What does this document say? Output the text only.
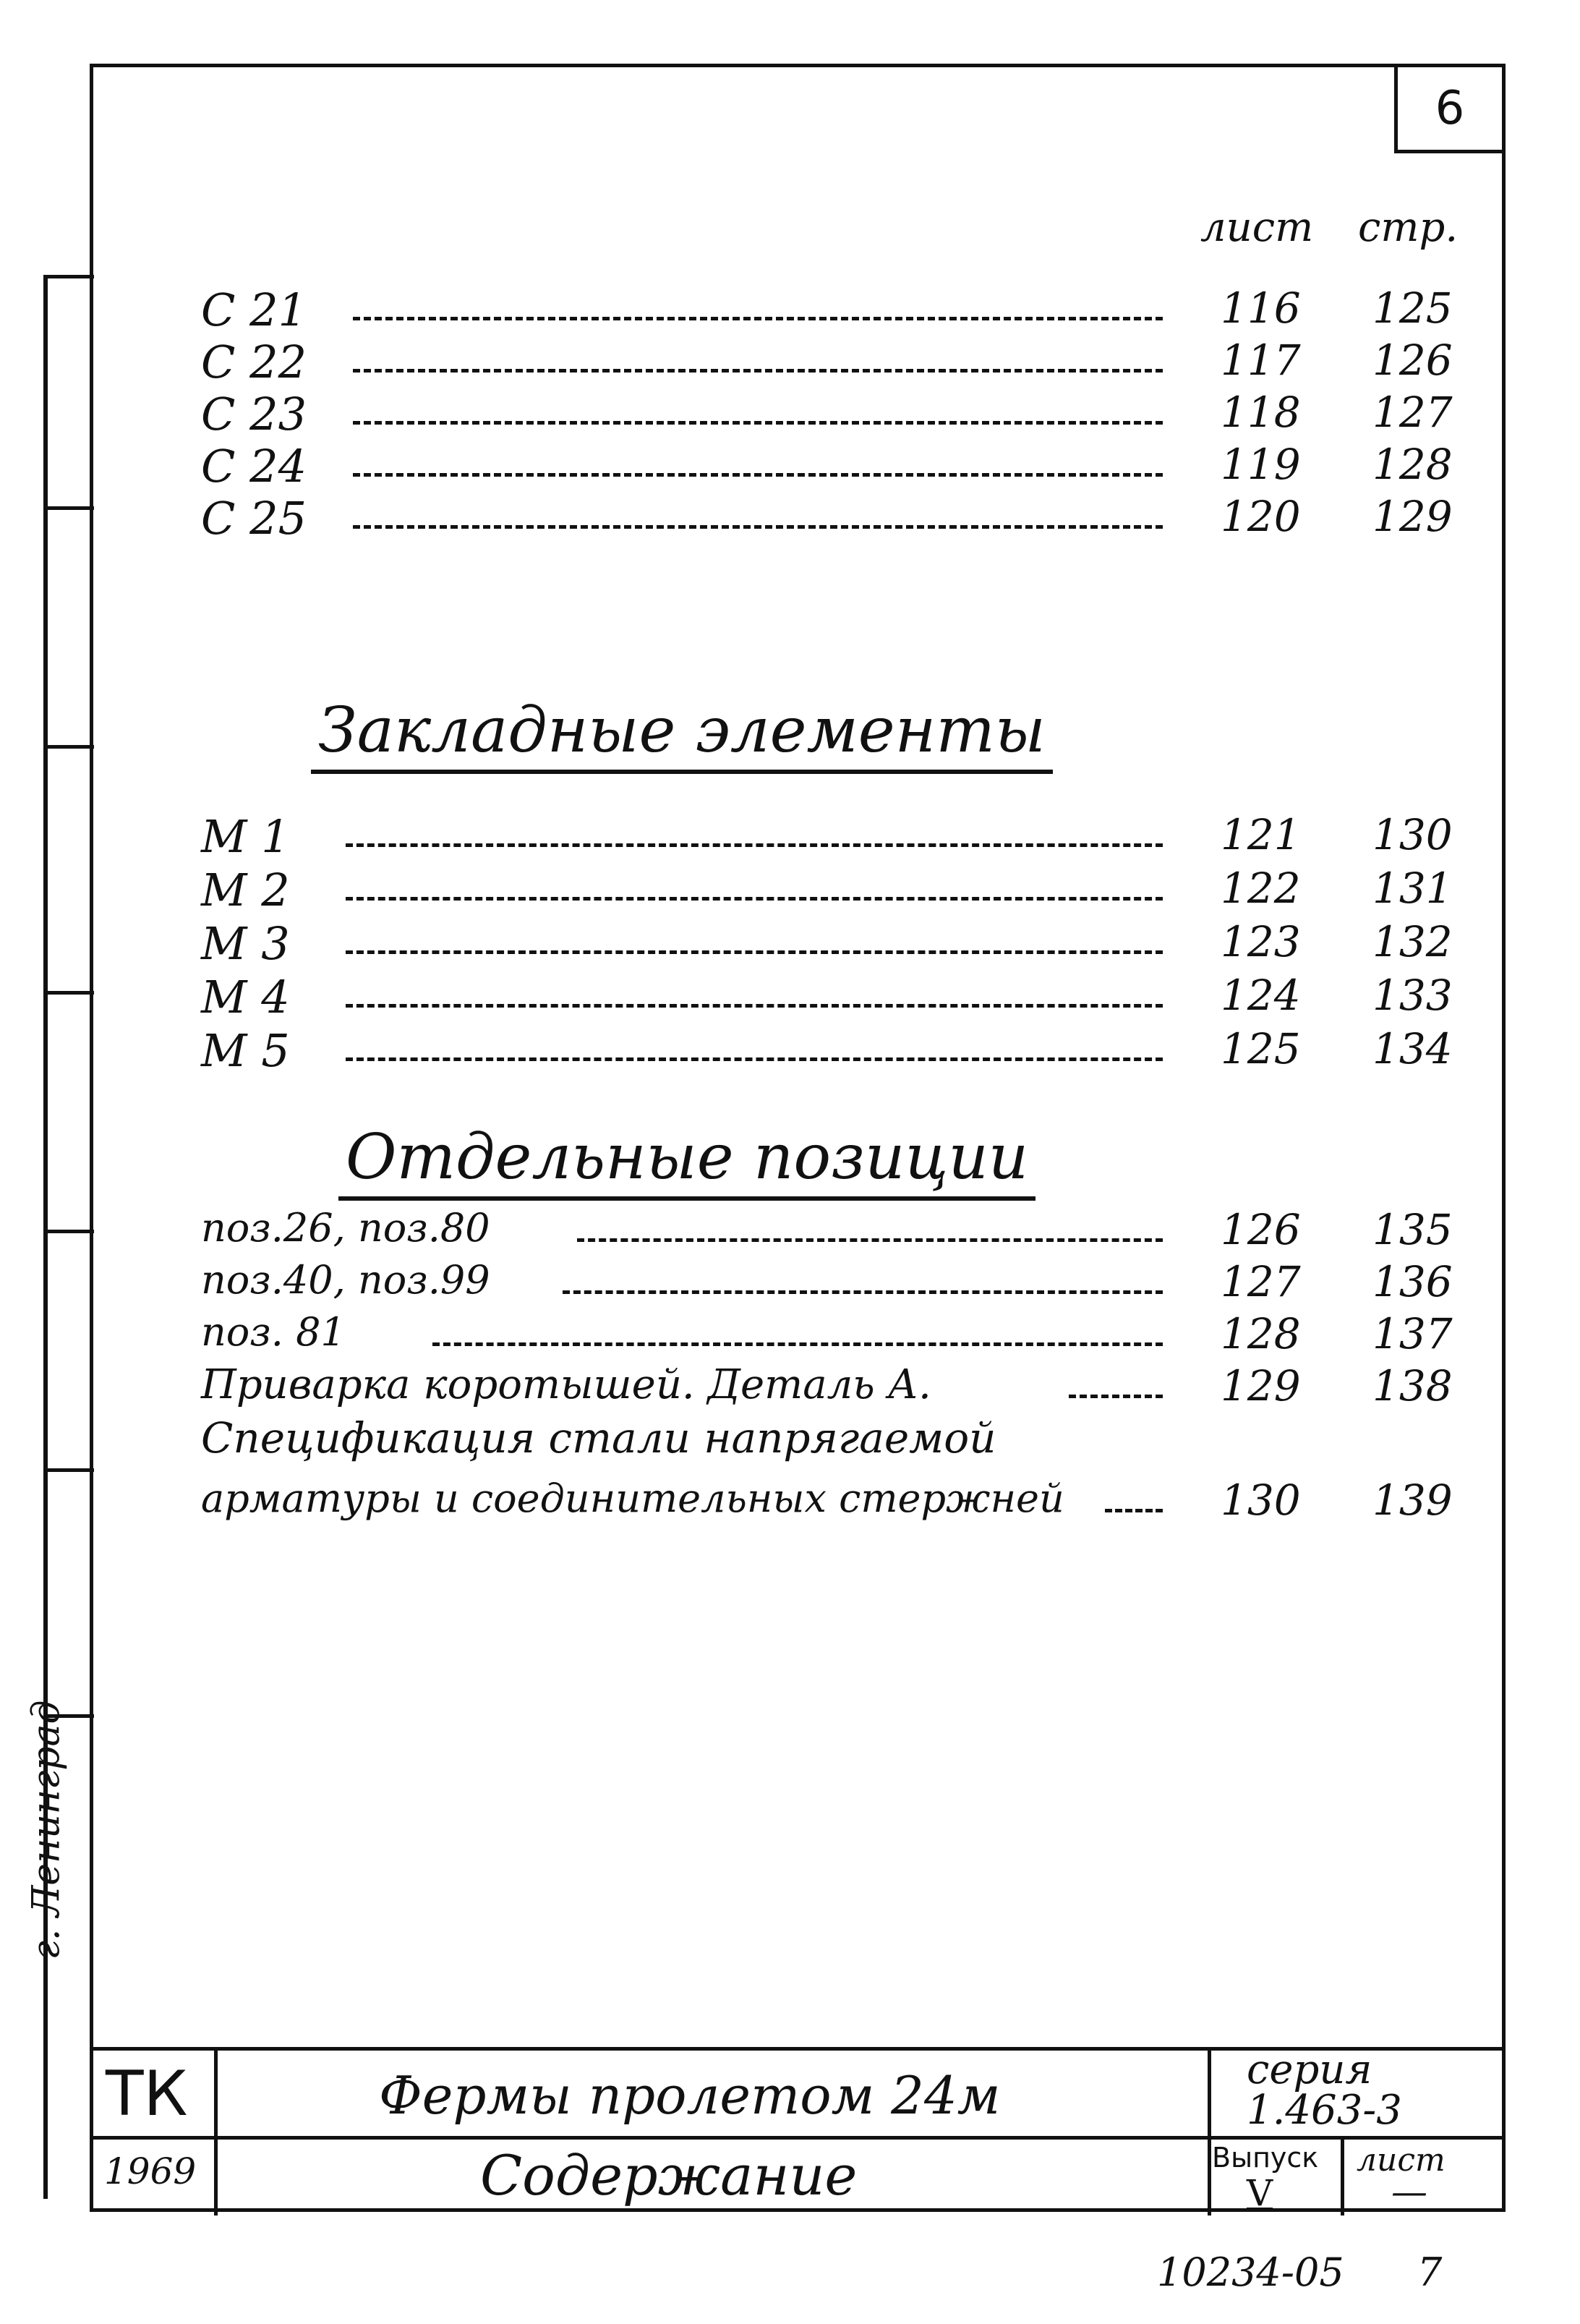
6
г. Ленинград
лист стр.
С 21	116 125
С 22	117 126
С 23	118 127
С 24	119 128
С 25	120 129
Закладные элементы
М 1	121 130
М 2	122 131
М 3	123 132
М 4	124 133
М 5	125 134
Отдельные позиции
поз.26, поз.80	126 135
поз.40, поз.99	127 136
поз. 81	128 137
Приварка коротышей. Деталь А.	129 138
Спецификация стали напрягаемой
арматуры и соединительных стержней	130 139
ТК
1969
Фермы пролетом 24м
Содержание
серия
1.463-3
Выпуск
V
лист
—
10234-05 7
